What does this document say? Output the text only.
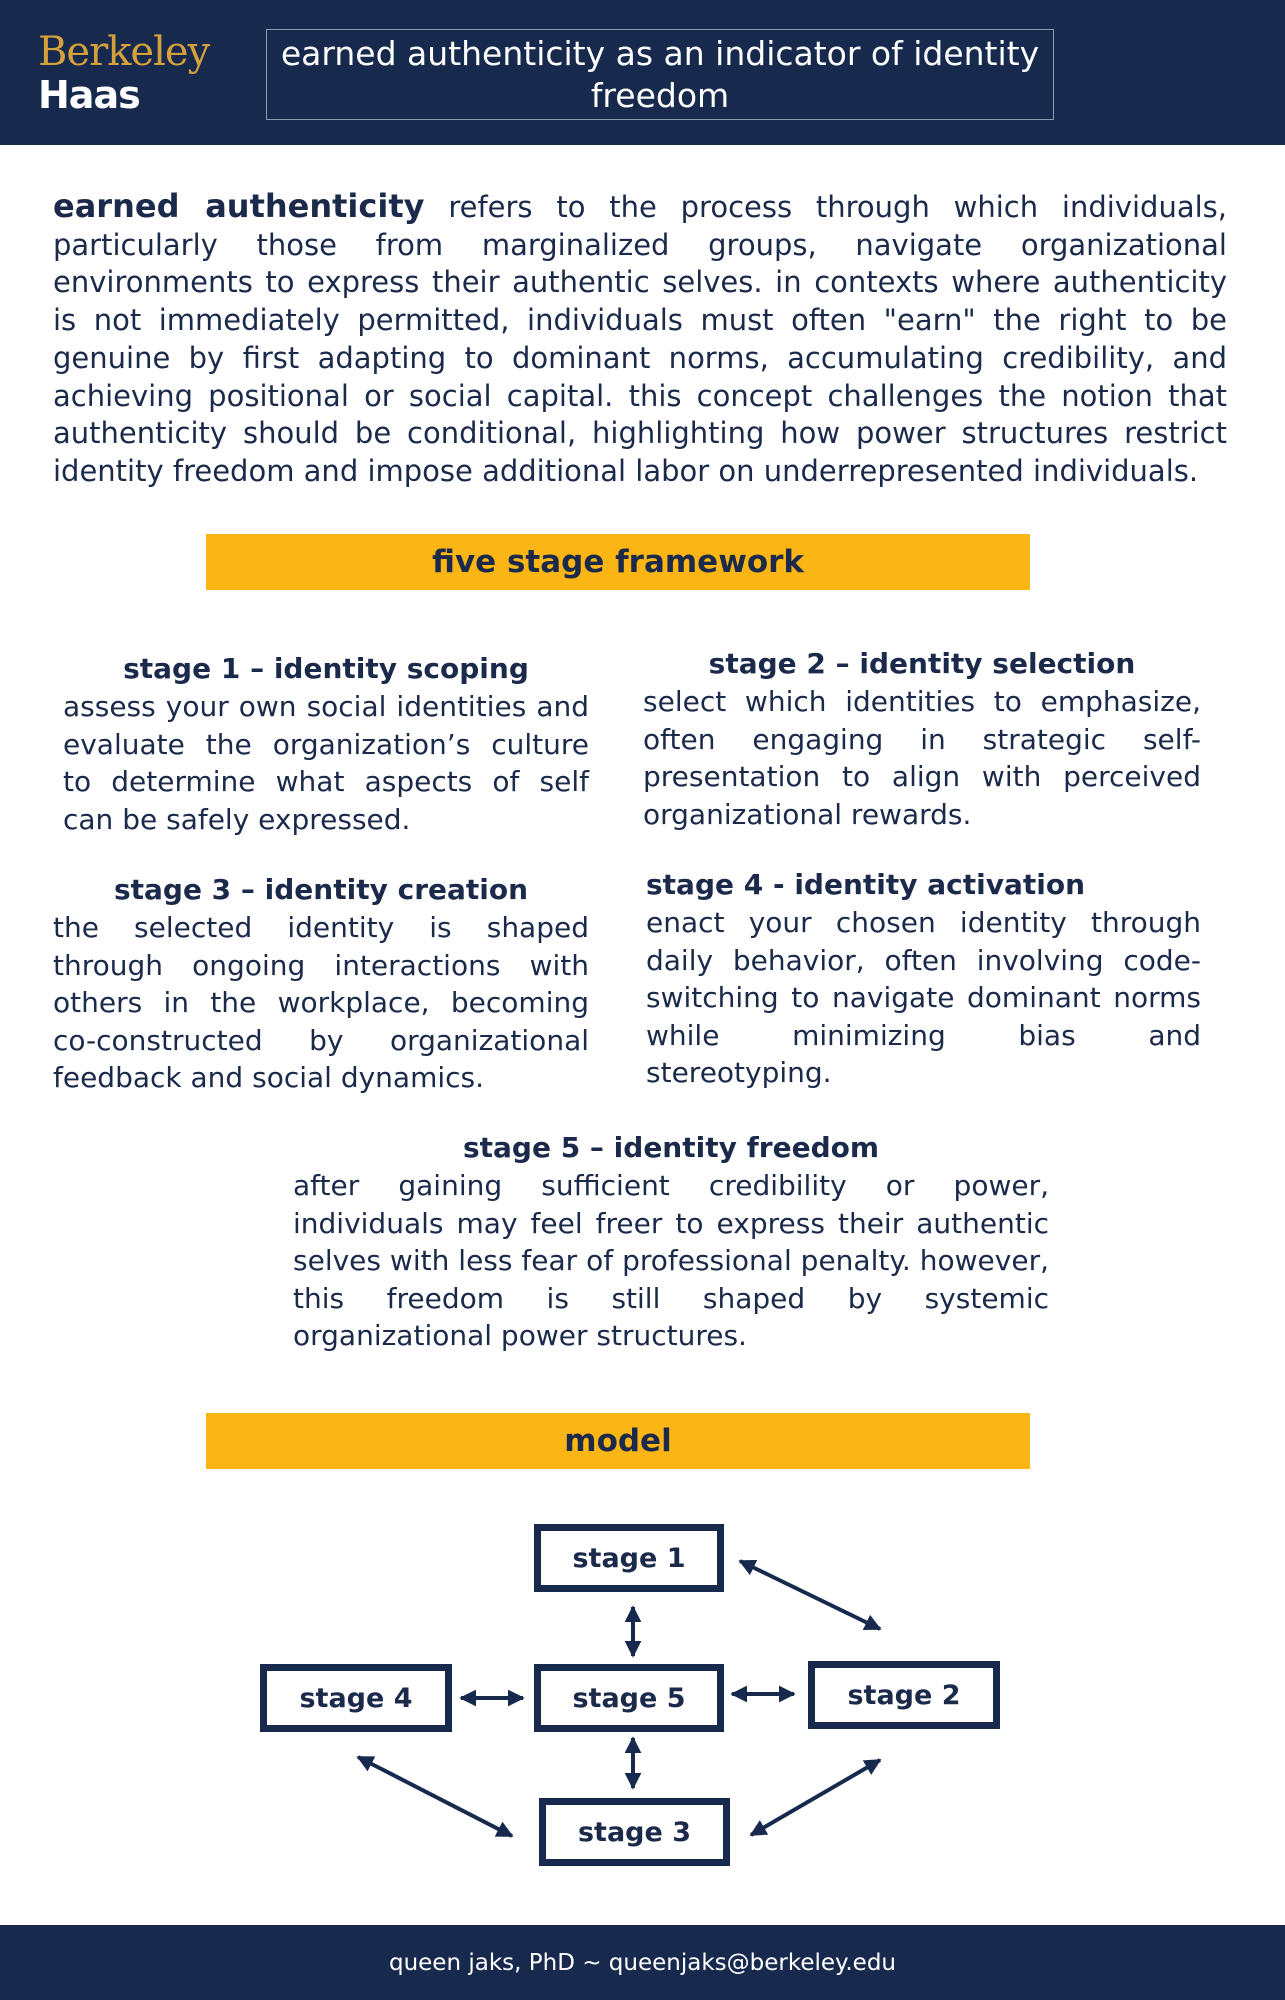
Berkeley
Haas
earned authenticity as an indicator of identity freedom

earned authenticity refers to the process through which individuals, particularly those from marginalized groups, navigate organizational environments to express their authentic selves. in contexts where authenticity is not immediately permitted, individuals must often "earn" the right to be genuine by first adapting to dominant norms, accumulating credibility, and achieving positional or social capital. this concept challenges the notion that authenticity should be conditional, highlighting how power structures restrict identity freedom and impose additional labor on underrepresented individuals.

five stage framework
stage 1 – identity scoping
assess your own social identities and evaluate the organization’s culture to determine what aspects of self can be safely expressed.
stage 2 – identity selection
select which identities to emphasize, often engaging in strategic self-presentation to align with perceived organizational rewards.
stage 3 – identity creation
the selected identity is shaped through ongoing interactions with others in the workplace, becoming co-constructed by organizational feedback and social dynamics.
stage 4 - identity activation
enact your chosen identity through daily behavior, often involving code-switching to navigate dominant norms while minimizing bias and stereotyping.
stage 5 – identity freedom
after gaining sufficient credibility or power, individuals may feel freer to express their authentic selves with less fear of professional penalty. however, this freedom is still shaped by systemic organizational power structures.
model
stage 1
stage 2
stage 3
stage 4	stage 5
queen jaks, PhD ~ queenjaks@berkeley.edu
